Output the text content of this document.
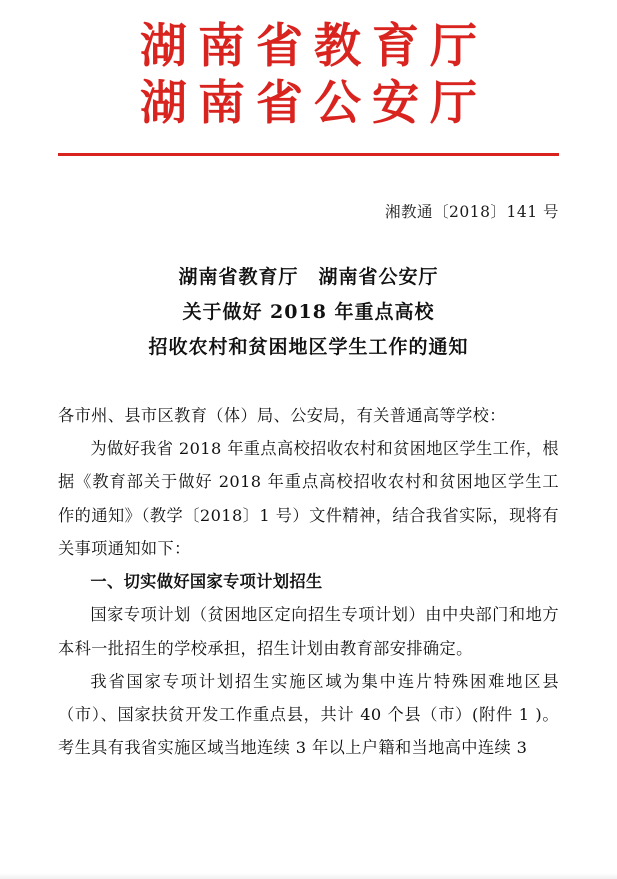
湖南省教育厅
湖南省公安厅
湘教通〔2018〕141 号
湖南省教育厅　湖南省公安厅
关于做好 2018 年重点高校
招收农村和贫困地区学生工作的通知

各市州、县市区教育（体）局、公安局，有关普通高等学校：

为做好我省 2018 年重点高校招收农村和贫困地区学生工作，根据《教育部关于做好 2018 年重点高校招收农村和贫困地区学生工作的通知》（教学〔2018〕1 号）文件精神，结合我省实际，现将有关事项通知如下：

一、切实做好国家专项计划招生

国家专项计划（贫困地区定向招生专项计划）由中央部门和地方本科一批招生的学校承担，招生计划由教育部安排确定。

我省国家专项计划招生实施区域为集中连片特殊困难地区县（市）、国家扶贫开发工作重点县，共计 40 个县（市）(附件 1 )。考生具有我省实施区域当地连续 3 年以上户籍和当地高中连续 3
